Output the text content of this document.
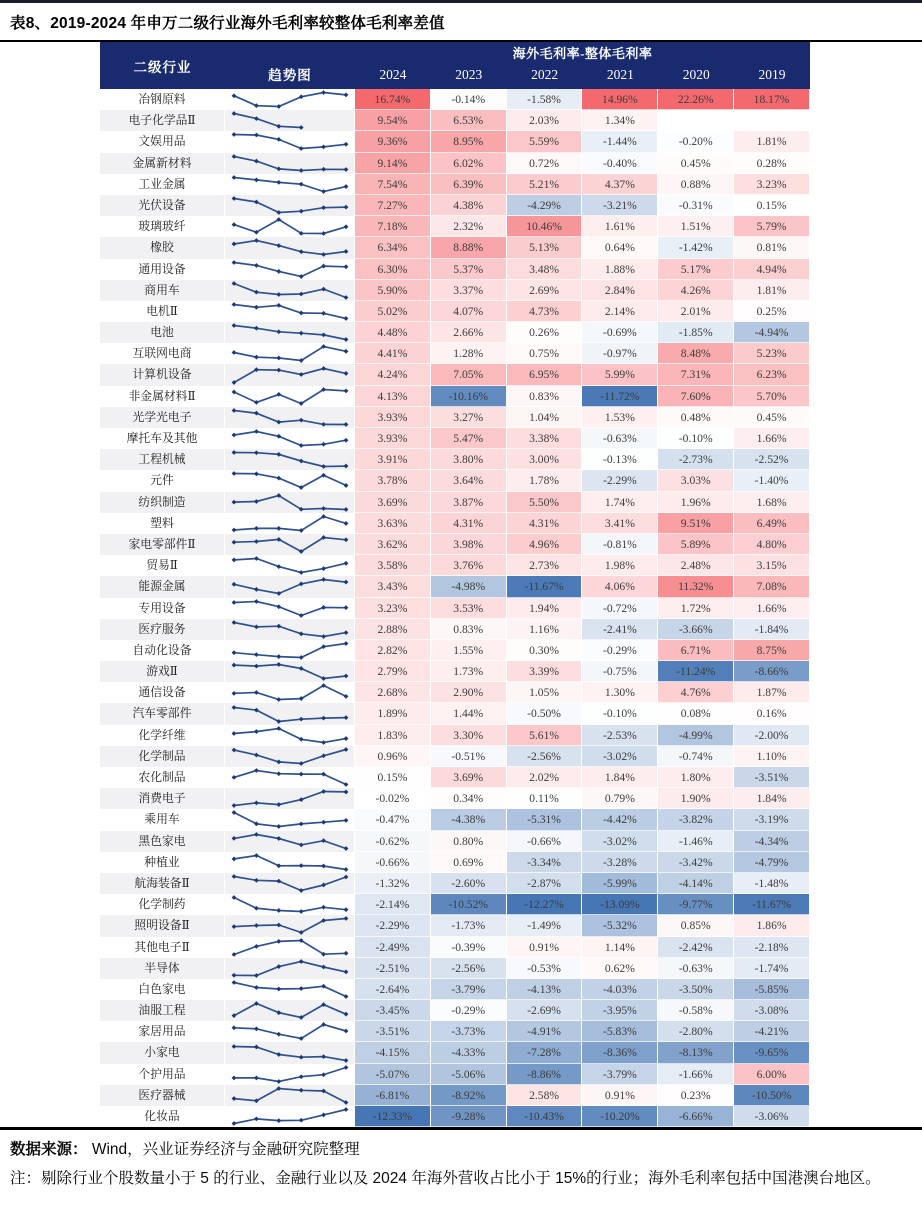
表8、2019-2024 年申万二级行业海外毛利率较整体毛利率差值
二级行业
趋势图
海外毛利率-整体毛利率
2024	2023	2022	2021	2020	2019
冶钢原料	16.74%	-0.14%	-1.58%	14.96%	22.26%	18.17%
电子化学品Ⅱ	9.54%	6.53%	2.03%	1.34%
文娱用品	9.36%	8.95%	5.59%	-1.44%	-0.20%	1.81%
金属新材料	9.14%	6.02%	0.72%	-0.40%	0.45%	0.28%
工业金属	7.54%	6.39%	5.21%	4.37%	0.88%	3.23%
光伏设备	7.27%	4.38%	-4.29%	-3.21%	-0.31%	0.15%
玻璃玻纤	7.18%	2.32%	10.46%	1.61%	1.51%	5.79%
橡胶	6.34%	8.88%	5.13%	0.64%	-1.42%	0.81%
通用设备	6.30%	5.37%	3.48%	1.88%	5.17%	4.94%
商用车	5.90%	3.37%	2.69%	2.84%	4.26%	1.81%
电机Ⅱ	5.02%	4.07%	4.73%	2.14%	2.01%	0.25%
电池	4.48%	2.66%	0.26%	-0.69%	-1.85%	-4.94%
互联网电商	4.41%	1.28%	0.75%	-0.97%	8.48%	5.23%
计算机设备	4.24%	7.05%	6.95%	5.99%	7.31%	6.23%
非金属材料Ⅱ	4.13%	-10.16%	0.83%	-11.72%	7.60%	5.70%
光学光电子	3.93%	3.27%	1.04%	1.53%	0.48%	0.45%
摩托车及其他	3.93%	5.47%	3.38%	-0.63%	-0.10%	1.66%
工程机械	3.91%	3.80%	3.00%	-0.13%	-2.73%	-2.52%
元件	3.78%	3.64%	1.78%	-2.29%	3.03%	-1.40%
纺织制造	3.69%	3.87%	5.50%	1.74%	1.96%	1.68%
塑料	3.63%	4.31%	4.31%	3.41%	9.51%	6.49%
家电零部件Ⅱ	3.62%	3.98%	4.96%	-0.81%	5.89%	4.80%
贸易Ⅱ	3.58%	3.76%	2.73%	1.98%	2.48%	3.15%
能源金属	3.43%	-4.98%	-11.67%	4.06%	11.32%	7.08%
专用设备	3.23%	3.53%	1.94%	-0.72%	1.72%	1.66%
医疗服务	2.88%	0.83%	1.16%	-2.41%	-3.66%	-1.84%
自动化设备	2.82%	1.55%	0.30%	-0.29%	6.71%	8.75%
游戏Ⅱ	2.79%	1.73%	3.39%	-0.75%	-11.24%	-8.66%
通信设备	2.68%	2.90%	1.05%	1.30%	4.76%	1.87%
汽车零部件	1.89%	1.44%	-0.50%	-0.10%	0.08%	0.16%
化学纤维	1.83%	3.30%	5.61%	-2.53%	-4.99%	-2.00%
化学制品	0.96%	-0.51%	-2.56%	-3.02%	-0.74%	1.10%
农化制品	0.15%	3.69%	2.02%	1.84%	1.80%	-3.51%
消费电子	-0.02%	0.34%	0.11%	0.79%	1.90%	1.84%
乘用车	-0.47%	-4.38%	-5.31%	-4.42%	-3.82%	-3.19%
黑色家电	-0.62%	0.80%	-0.66%	-3.02%	-1.46%	-4.34%
种植业	-0.66%	0.69%	-3.34%	-3.28%	-3.42%	-4.79%
航海装备Ⅱ	-1.32%	-2.60%	-2.87%	-5.99%	-4.14%	-1.48%
化学制药	-2.14%	-10.52%	-12.27%	-13.09%	-9.77%	-11.67%
照明设备Ⅱ	-2.29%	-1.73%	-1.49%	-5.32%	0.85%	1.86%
其他电子Ⅱ	-2.49%	-0.39%	0.91%	1.14%	-2.42%	-2.18%
半导体	-2.51%	-2.56%	-0.53%	0.62%	-0.63%	-1.74%
白色家电	-2.64%	-3.79%	-4.13%	-4.03%	-3.50%	-5.85%
油服工程	-3.45%	-0.29%	-2.69%	-3.95%	-0.58%	-3.08%
家居用品	-3.51%	-3.73%	-4.91%	-5.83%	-2.80%	-4.21%
小家电	-4.15%	-4.33%	-7.28%	-8.36%	-8.13%	-9.65%
个护用品	-5.07%	-5.06%	-8.86%	-3.79%	-1.66%	6.00%
医疗器械	-6.81%	-8.92%	2.58%	0.91%	0.23%	-10.50%
化妆品	-12.33%	-9.28%	-10.43%	-10.20%	-6.66%	-3.06%
数据来源： Wind，兴业证券经济与金融研究院整理
注：剔除行业个股数量小于 5 的行业、金融行业以及 2024 年海外营收占比小于 15%的行业；海外毛利率包括中国港澳台地区。
